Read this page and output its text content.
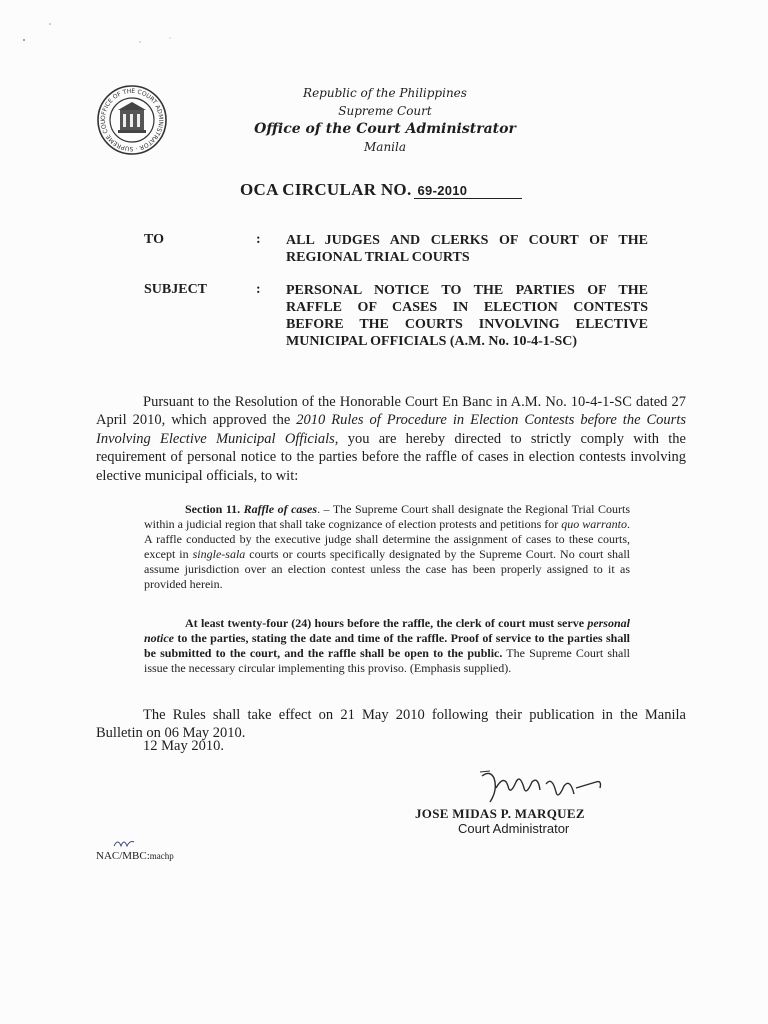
OFFICE OF THE COURT ADMINISTRATOR · SUPREME COU
Republic of the Philippines
Supreme Court
Office of the Court Administrator
Manila
OCA CIRCULAR NO. 69-2010
TO	: ALL JUDGES AND CLERKS OF COURT OF THE REGIONAL TRIAL COURTS
SUBJECT	: PERSONAL NOTICE TO THE PARTIES OF THE RAFFLE OF CASES IN ELECTION CONTESTS BEFORE THE COURTS INVOLVING ELECTIVE MUNICIPAL OFFICIALS (A.M. No. 10-4-1-SC)

Pursuant to the Resolution of the Honorable Court En Banc in A.M. No. 10-4-1-SC dated 27 April 2010, which approved the 2010 Rules of Procedure in Election Contests before the Courts Involving Elective Municipal Officials, you are hereby directed to strictly comply with the requirement of personal notice to the parties before the raffle of cases in election contests involving elective municipal officials, to wit:

Section 11. Raffle of cases. – The Supreme Court shall designate the Regional Trial Courts within a judicial region that shall take cognizance of election protests and petitions for quo warranto. A raffle conducted by the executive judge shall determine the assignment of cases to these courts, except in single-sala courts or courts specifically designated by the Supreme Court. No court shall assume jurisdiction over an election contest unless the case has been properly assigned to it as provided herein.

At least twenty-four (24) hours before the raffle, the clerk of court must serve personal notice to the parties, stating the date and time of the raffle. Proof of service to the parties shall be submitted to the court, and the raffle shall be open to the public. The Supreme Court shall issue the necessary circular implementing this proviso. (Emphasis supplied).

The Rules shall take effect on 21 May 2010 following their publication in the Manila Bulletin on 06 May 2010.

12 May 2010.
JOSE MIDAS P. MARQUEZ
Court Administrator
NAC/MBC:machp
